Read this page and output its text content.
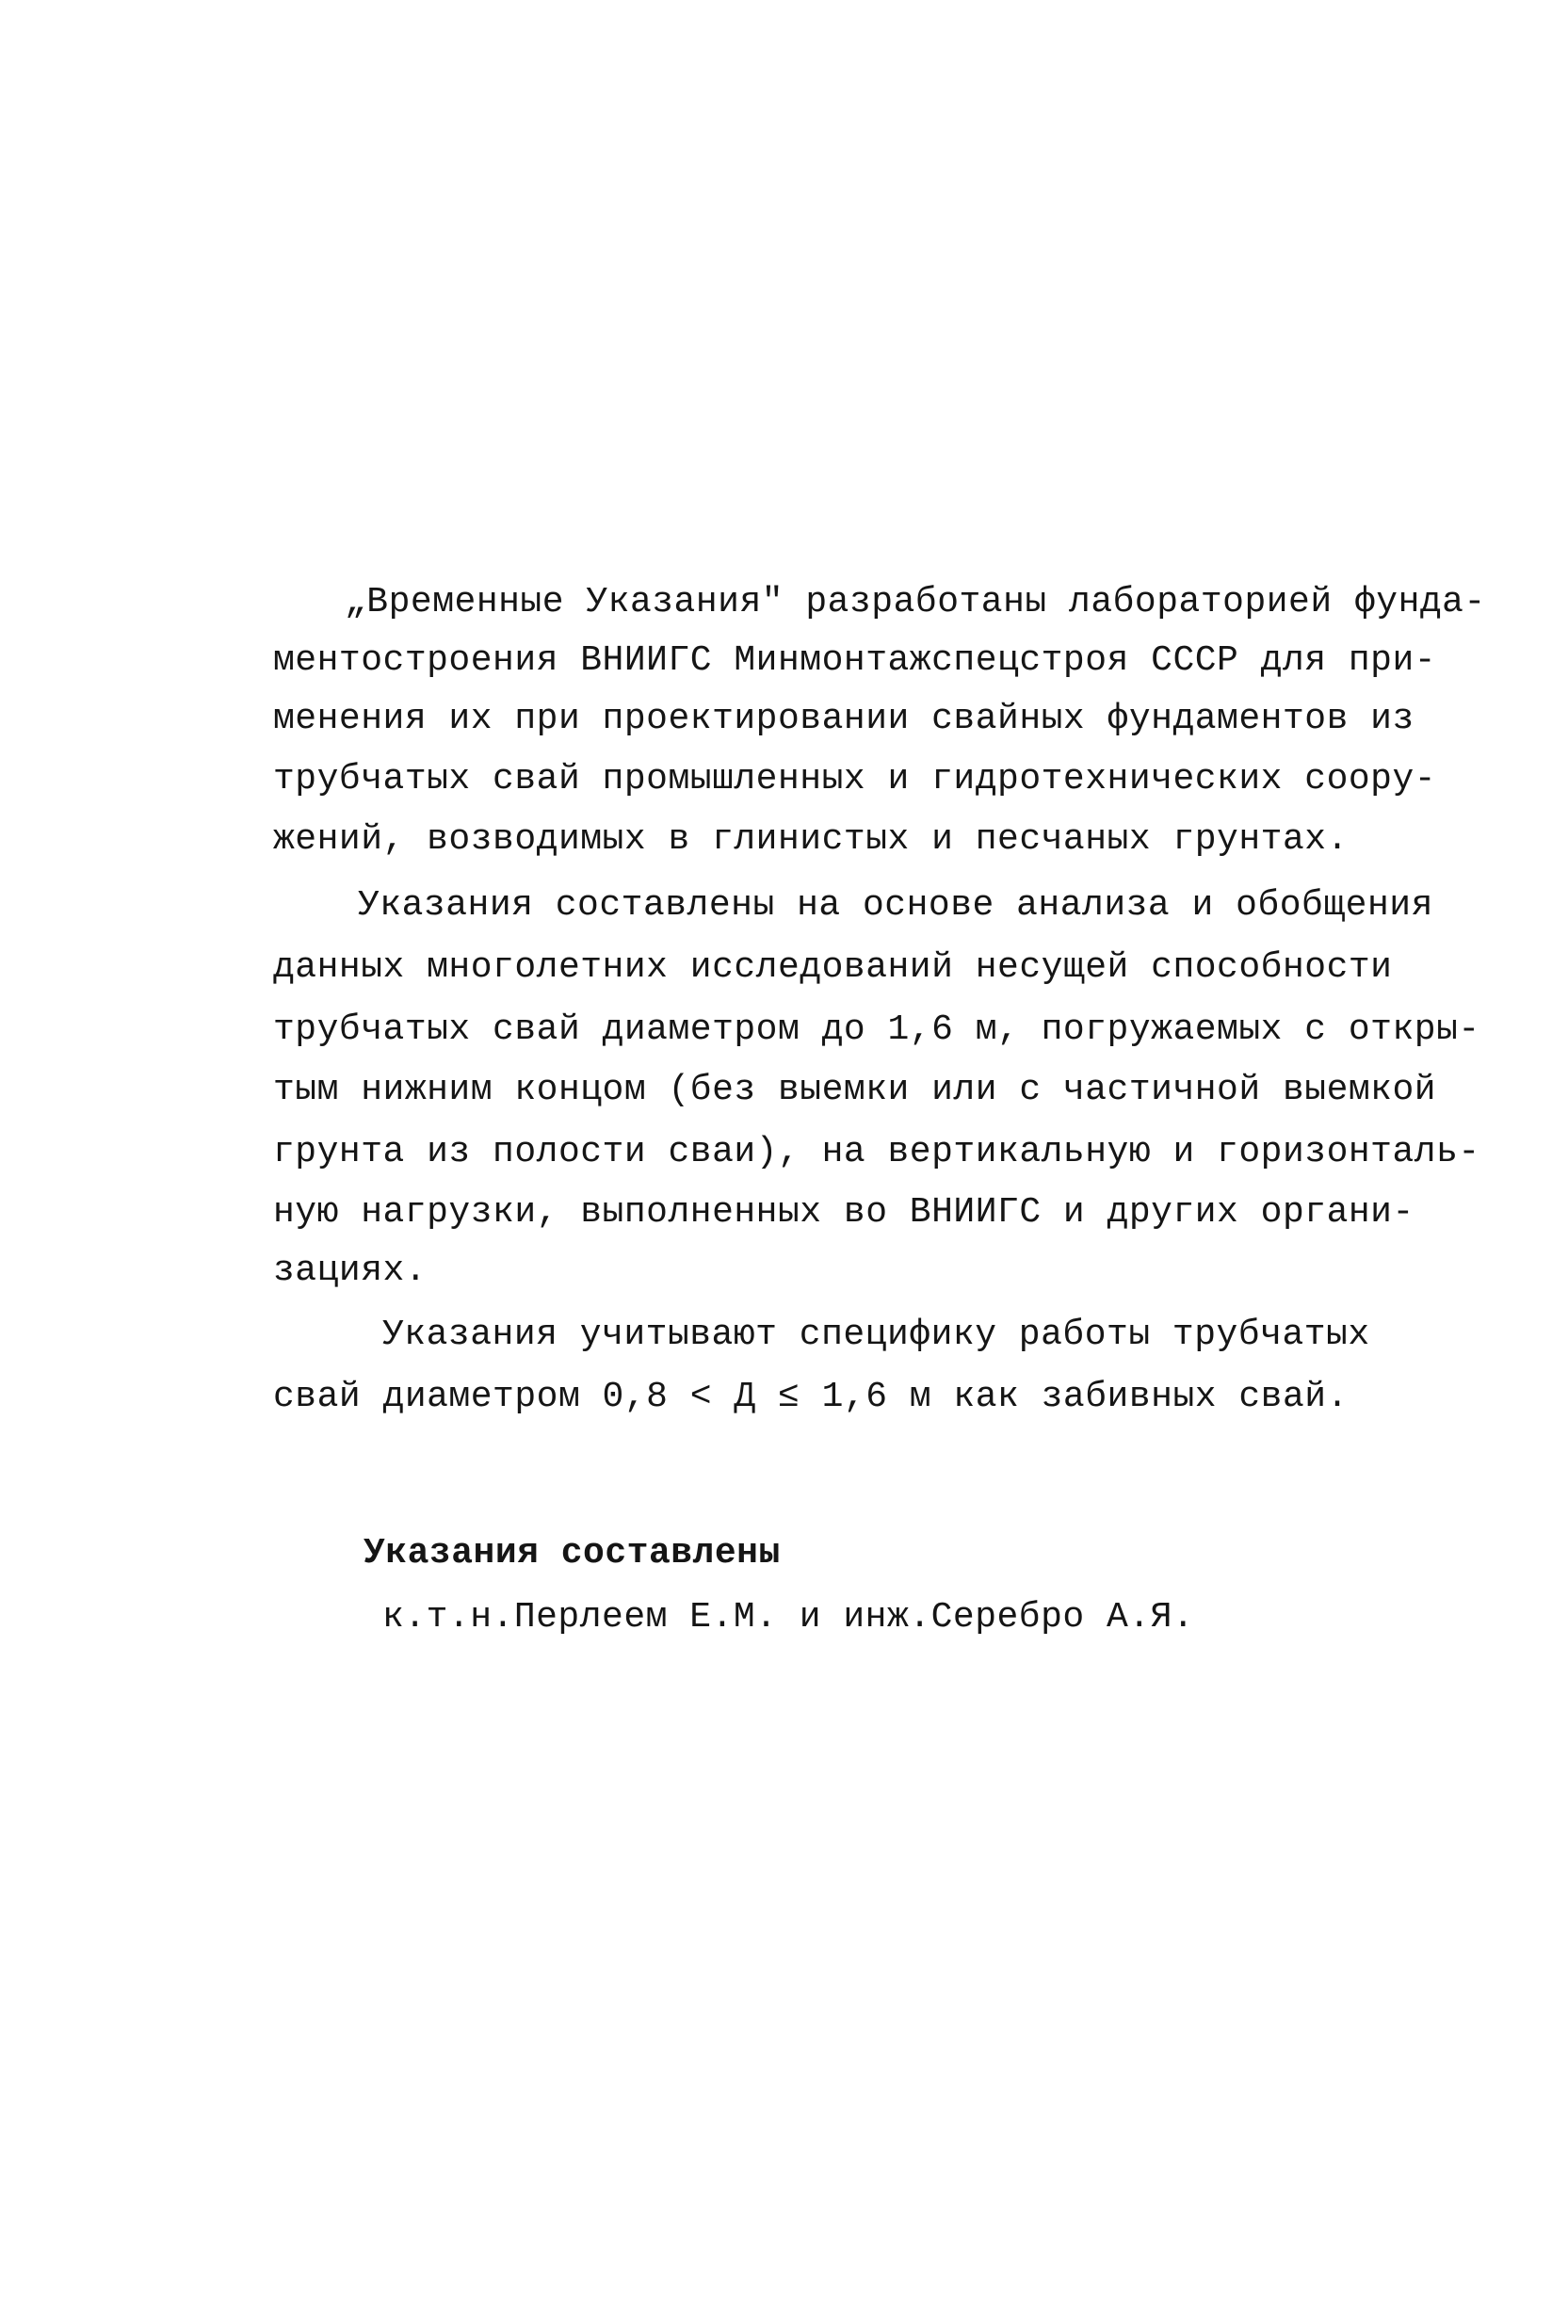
„Временные Указания" разработаны лабораторией фунда-
ментостроения ВНИИГС Минмонтажспецстроя СССР для при-
менения их при проектировании свайных фундаментов из
трубчатых свай промышленных и гидротехнических соору-
жений, возводимых в глинистых и песчаных грунтах.
Указания составлены на основе анализа и обобщения
данных многолетних исследований несущей способности
трубчатых свай диаметром до 1,6 м, погружаемых с откры-
тым нижним концом (без выемки или с частичной выемкой
грунта из полости сваи), на вертикальную и горизонталь-
ную нагрузки, выполненных во ВНИИГС и других органи-
зациях.
Указания учитывают специфику работы трубчатых
свай диаметром 0,8 < Д ≤ 1,6 м как забивных свай.
Указания составлены
к.т.н.Перлеем Е.М. и инж.Серебро А.Я.
